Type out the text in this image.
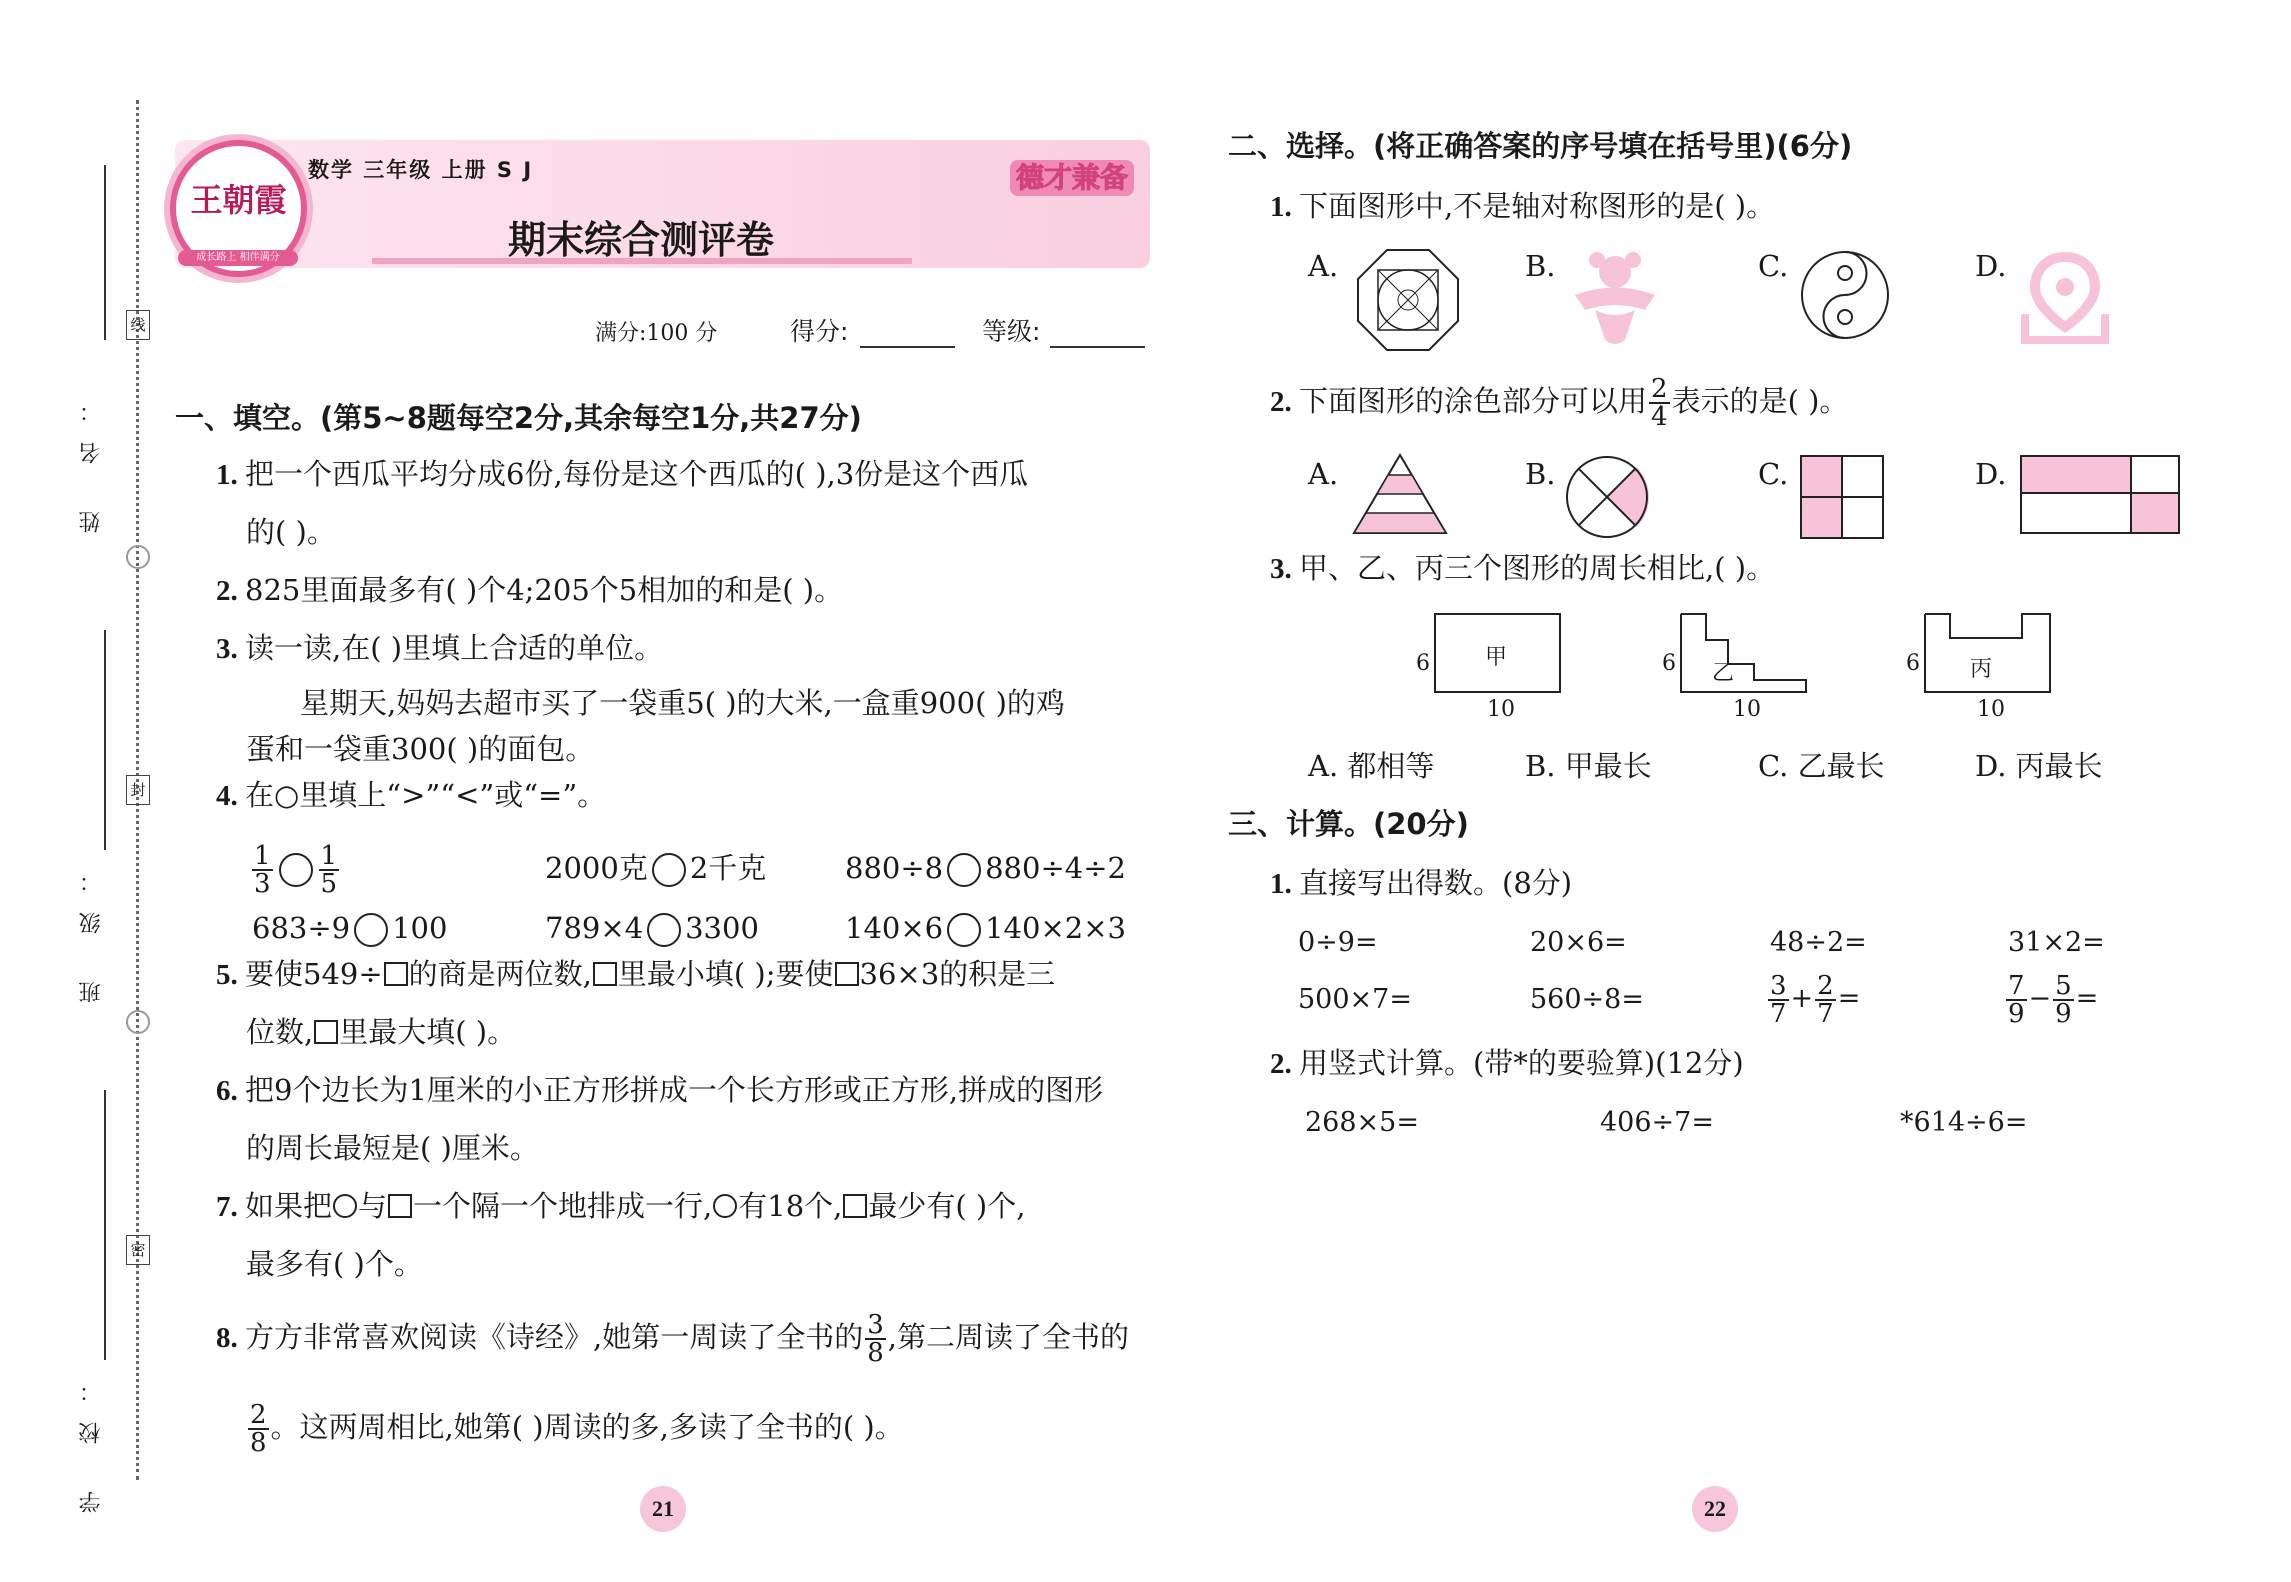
姓 名：
班 级：
学 校：
线
封
密
王朝霞
成长路上 相伴满分
数学 三年级 上册 S J
期末综合测评卷
德才兼备
满分:100 分	得分:	等级:
一、填空。(第5~8题每空2分,其余每空1分,共27分)
1. 把一个西瓜平均分成6份,每份是这个西瓜的( ),3份是这个西瓜
的( )。
2. 825里面最多有( )个4;205个5相加的和是( )。
3. 读一读,在( )里填上合适的单位。
星期天,妈妈去超市买了一袋重5( )的大米,一盒重900( )的鸡
蛋和一袋重300( )的面包。
4. 在○里填上“>”“<”或“=”。
$\frac{1}{3} \frac{1}{5}$	2000克 2千克	880÷8 880÷4÷2
683÷9 100	789×4 3300	140×6 140×2×3
5. 要使549÷ 的商是两位数, 里最小填( );要使 36×3的积是三
位数, 里最大填( )。
6. 把9个边长为1厘米的小正方形拼成一个长方形或正方形,拼成的图形
的周长最短是( )厘米。
7. 如果把 与 一个隔一个地排成一行, 有18个, 最少有( )个,
最多有( )个。
8. 方方非常喜欢阅读《诗经》,她第一周读了全书的 $\frac{3}{8}$ ,第二周读了全书的
$\frac{2}{8}$ 。这两周相比,她第( )周读的多,多读了全书的( )。
二、选择。(将正确答案的序号填在括号里)(6分)
1. 下面图形中,不是轴对称图形的是( )。
A.	B.	C.	D.
2. 下面图形的涂色部分可以用 $\frac{2}{4}$ 表示的是( )。
A.	B.	C.	D.
3. 甲、乙、丙三个图形的周长相比,( )。
6	甲
10
6 乙
10
6 丙
10
A. 都相等	B. 甲最长	C. 乙最长	D. 丙最长
三、计算。(20分)
1. 直接写出得数。(8分)
0÷9=	20×6=	48÷2=	31×2=
500×7=	560÷8=	$\frac{3}{7} + \frac{2}{7}$ =	$\frac{7}{9} - \frac{5}{9}$ =
2. 用竖式计算。(带*的要验算)(12分)
268×5=	406÷7=	*614÷6=
21	22
